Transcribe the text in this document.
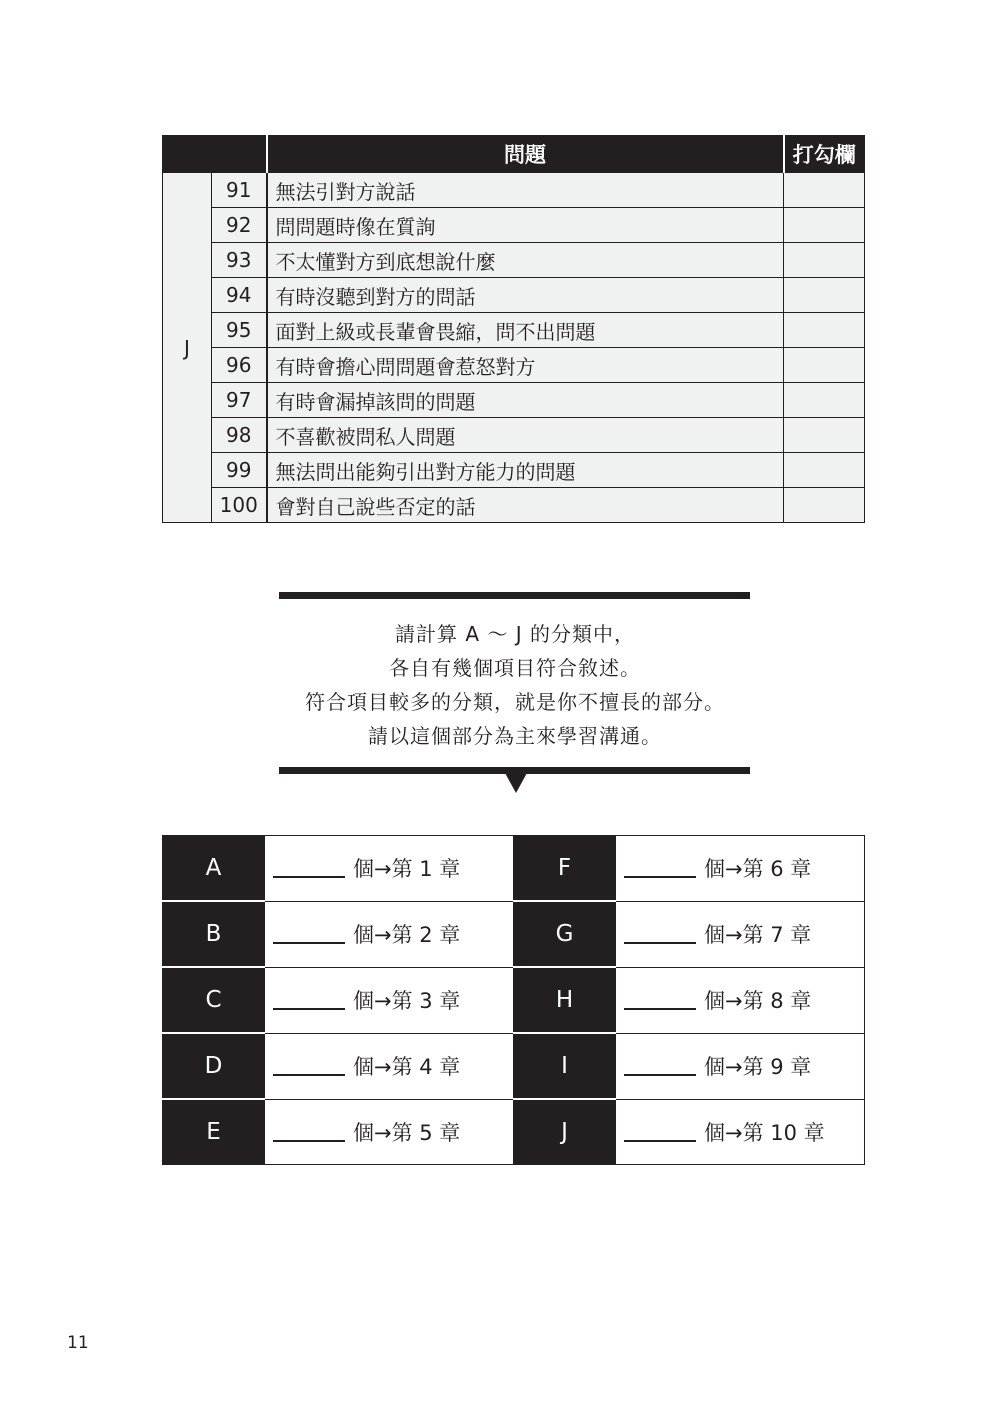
		問題	打勾欄
J	91	無法引對方說話	
	92	問問題時像在質詢	
	93	不太懂對方到底想說什麼	
	94	有時沒聽到對方的問話	
	95	面對上級或長輩會畏縮，問不出問題	
	96	有時會擔心問問題會惹怒對方	
	97	有時會漏掉該問的問題	
	98	不喜歡被問私人問題	
	99	無法問出能夠引出對方能力的問題	
	100	會對自己說些否定的話	
請計算 A ～ J 的分類中，
各自有幾個項目符合敘述。
符合項目較多的分類，就是你不擅長的部分。
請以這個部分為主來學習溝通。
A	個→第 1 章	F	個→第 6 章
B	個→第 2 章	G	個→第 7 章
C	個→第 3 章	H	個→第 8 章
D	個→第 4 章	I	個→第 9 章
E	個→第 5 章	J	個→第 10 章
11
